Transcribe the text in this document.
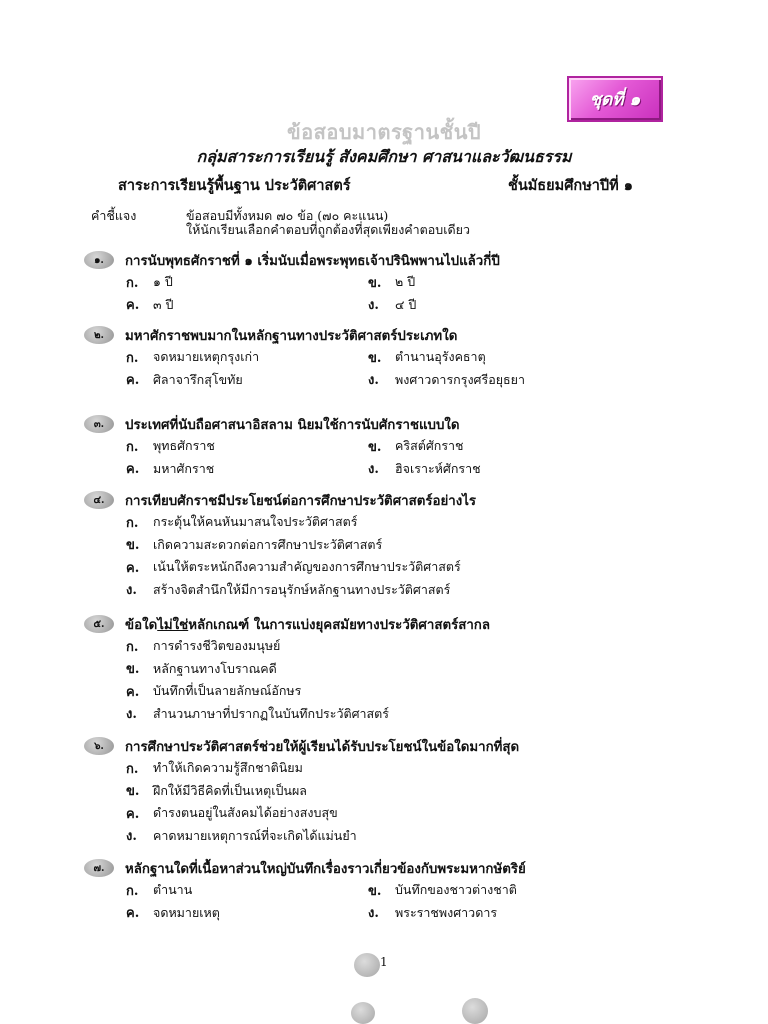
ชุดที่ ๑
ข้อสอบมาตรฐานชั้นปี
กลุ่มสาระการเรียนรู้ สังคมศึกษา ศาสนาและวัฒนธรรม
สาระการเรียนรู้พื้นฐาน ประวัติศาสตร์	ชั้นมัธยมศึกษาปีที่ ๑
คำชี้แจง	ข้อสอบมีทั้งหมด ๗๐ ข้อ (๗๐ คะแนน)
ให้นักเรียนเลือกคำตอบที่ถูกต้องที่สุดเพียงคำตอบเดียว
๑.	การนับพุทธศักราชที่ ๑ เริ่มนับเมื่อพระพุทธเจ้าปรินิพพานไปแล้วกี่ปี
ก.	๑ ปี	ข.	๒ ปี
ค.	๓ ปี	ง.	๔ ปี
๒.	มหาศักราชพบมากในหลักฐานทางประวัติศาสตร์ประเภทใด
ก.	จดหมายเหตุกรุงเก่า	ข.	ตำนานอุรังคธาตุ
ค.	ศิลาจารึกสุโขทัย	ง.	พงศาวดารกรุงศรีอยุธยา
๓.	ประเทศที่นับถือศาสนาอิสลาม นิยมใช้การนับศักราชแบบใด
ก.	พุทธศักราช	ข.	คริสต์ศักราช
ค.	มหาศักราช	ง.	ฮิจเราะห์ศักราช
๔.	การเทียบศักราชมีประโยชน์ต่อการศึกษาประวัติศาสตร์อย่างไร
ก.	กระตุ้นให้คนหันมาสนใจประวัติศาสตร์
ข.	เกิดความสะดวกต่อการศึกษาประวัติศาสตร์
ค.	เน้นให้ตระหนักถึงความสำคัญของการศึกษาประวัติศาสตร์
ง.	สร้างจิตสำนึกให้มีการอนุรักษ์หลักฐานทางประวัติศาสตร์
๕.	ข้อใดไม่ใช่หลักเกณฑ์ ในการแบ่งยุคสมัยทางประวัติศาสตร์สากล
ก.	การดำรงชีวิตของมนุษย์
ข.	หลักฐานทางโบราณคดี
ค.	บันทึกที่เป็นลายลักษณ์อักษร
ง.	สำนวนภาษาที่ปรากฏในบันทึกประวัติศาสตร์
๖.	การศึกษาประวัติศาสตร์ช่วยให้ผู้เรียนได้รับประโยชน์ในข้อใดมากที่สุด
ก.	ทำให้เกิดความรู้สึกชาตินิยม
ข.	ฝึกให้มีวิธีคิดที่เป็นเหตุเป็นผล
ค.	ดำรงตนอยู่ในสังคมได้อย่างสงบสุข
ง.	คาดหมายเหตุการณ์ที่จะเกิดได้แม่นยำ
๗.	หลักฐานใดที่เนื้อหาส่วนใหญ่บันทึกเรื่องราวเกี่ยวข้องกับพระมหากษัตริย์
ก.	ตำนาน	ข.	บันทึกของชาวต่างชาติ
ค.	จดหมายเหตุ	ง.	พระราชพงศาวดาร
1
